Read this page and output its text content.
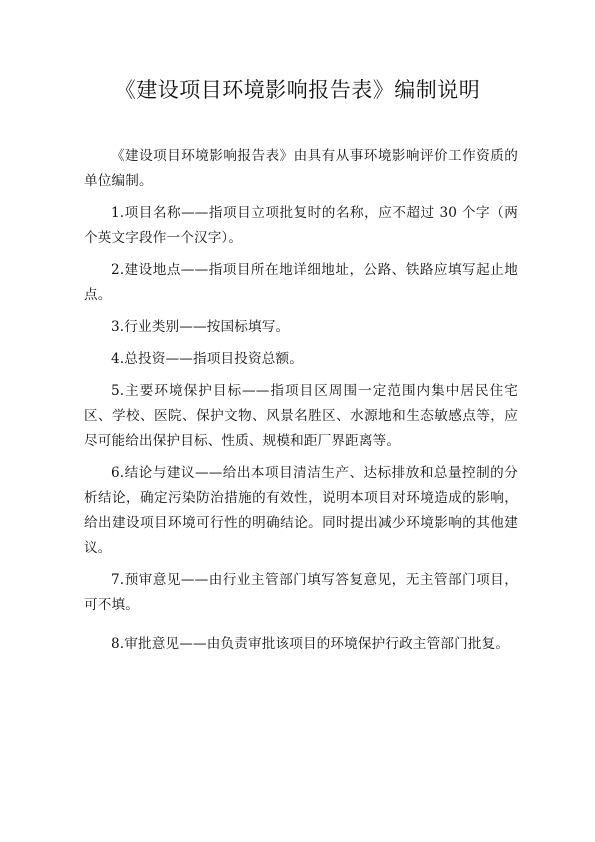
《建设项目环境影响报告表》编制说明

《建设项目环境影响报告表》由具有从事环境影响评价工作资质的单位编制。

1.项目名称——指项目立项批复时的名称，应不超过 30 个字（两个英文字段作一个汉字）。

2.建设地点——指项目所在地详细地址，公路、铁路应填写起止地点。

3.行业类别——按国标填写。

4.总投资——指项目投资总额。

5.主要环境保护目标——指项目区周围一定范围内集中居民住宅区、学校、医院、保护文物、风景名胜区、水源地和生态敏感点等，应尽可能给出保护目标、性质、规模和距厂界距离等。

6.结论与建议——给出本项目清洁生产、达标排放和总量控制的分析结论，确定污染防治措施的有效性，说明本项目对环境造成的影响，给出建设项目环境可行性的明确结论。同时提出减少环境影响的其他建议。

7.预审意见——由行业主管部门填写答复意见，无主管部门项目，可不填。

8.审批意见——由负责审批该项目的环境保护行政主管部门批复。
